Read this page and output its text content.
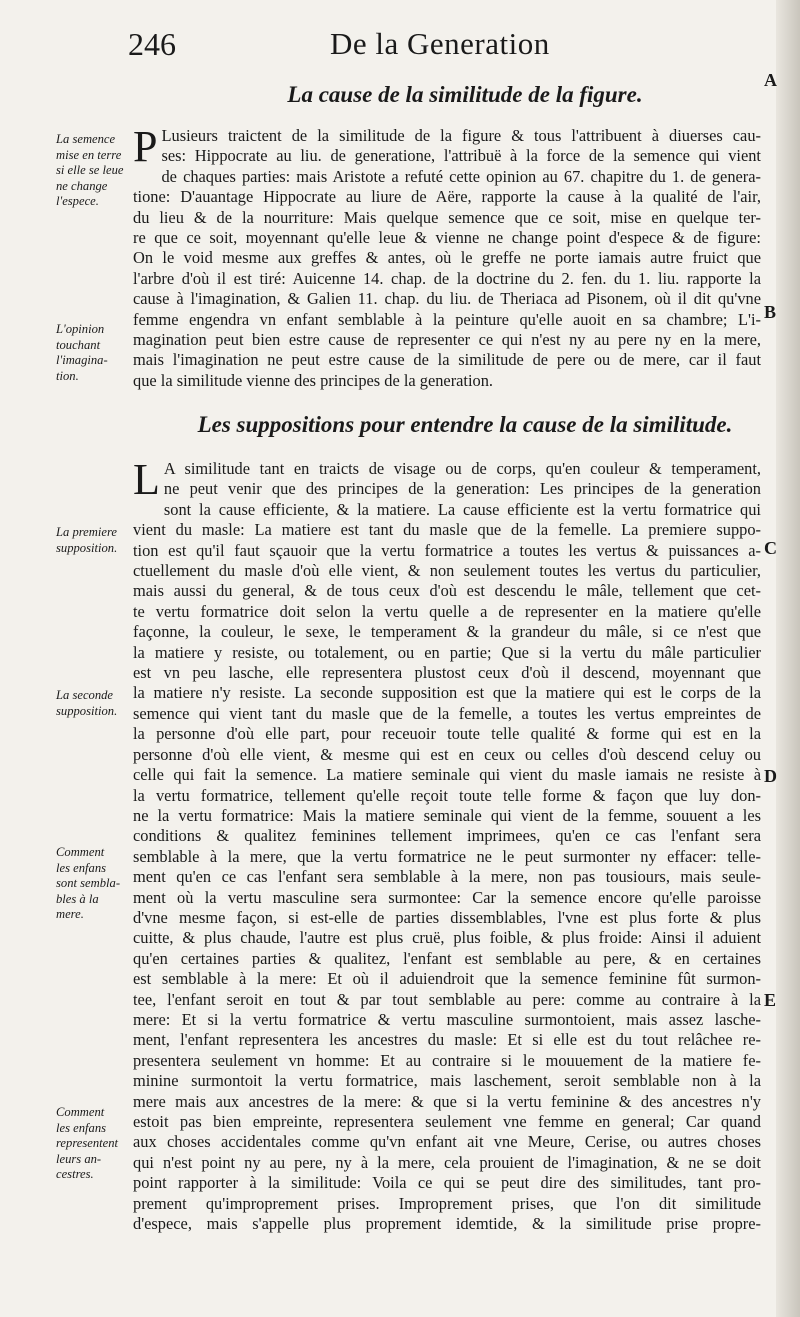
246	De la Generation
A
B
C
D
E
La cause de la similitude de la figure.
P Lusieurs traictent de la similitude de la figure & tous l'attribuent à diuerses cau-
ses: Hippocrate au liu. de generatione, l'attribuë à la force de la semence qui vient
de chaques parties: mais Aristote a refuté cette opinion au 67. chapitre du 1. de genera-
tione: D'auantage Hippocrate au liure de Aëre, rapporte la cause à la qualité de l'air,
du lieu & de la nourriture: Mais quelque semence que ce soit, mise en quelque ter-
re que ce soit, moyennant qu'elle leue & vienne ne change point d'espece & de figure:
On le void mesme aux greffes & antes, où le greffe ne porte iamais autre fruict que
l'arbre d'où il est tiré: Auicenne 14. chap. de la doctrine du 2. fen. du 1. liu. rapporte la
cause à l'imagination, & Galien 11. chap. du liu. de Theriaca ad Pisonem, où il dit qu'vne
femme engendra vn enfant semblable à la peinture qu'elle auoit en sa chambre; L'i-
magination peut bien estre cause de representer ce qui n'est ny au pere ny en la mere,
mais l'imagination ne peut estre cause de la similitude de pere ou de mere, car il faut
que la similitude vienne des principes de la generation.
Les suppositions pour entendre la cause de la similitude.
L A similitude tant en traicts de visage ou de corps, qu'en couleur & temperament,
ne peut venir que des principes de la generation: Les principes de la generation
sont la cause efficiente, & la matiere. La cause efficiente est la vertu formatrice qui
vient du masle: La matiere est tant du masle que de la femelle. La premiere suppo-
tion est qu'il faut sçauoir que la vertu formatrice a toutes les vertus & puissances a-
ctuellement du masle d'où elle vient, & non seulement toutes les vertus du particulier,
mais aussi du general, & de tous ceux d'où est descendu le mâle, tellement que cet-
te vertu formatrice doit selon la vertu quelle a de representer en la matiere qu'elle
façonne, la couleur, le sexe, le temperament & la grandeur du mâle, si ce n'est que
la matiere y resiste, ou totalement, ou en partie; Que si la vertu du mâle particulier
est vn peu lasche, elle representera plustost ceux d'où il descend, moyennant que
la matiere n'y resiste. La seconde supposition est que la matiere qui est le corps de la
semence qui vient tant du masle que de la femelle, a toutes les vertus empreintes de
la personne d'où elle part, pour receuoir toute telle qualité & forme qui est en la
personne d'où elle vient, & mesme qui est en ceux ou celles d'où descend celuy ou
celle qui fait la semence. La matiere seminale qui vient du masle iamais ne resiste à
la vertu formatrice, tellement qu'elle reçoit toute telle forme & façon que luy don-
ne la vertu formatrice: Mais la matiere seminale qui vient de la femme, souuent a les
conditions & qualitez feminines tellement imprimees, qu'en ce cas l'enfant sera
semblable à la mere, que la vertu formatrice ne le peut surmonter ny effacer: telle-
ment qu'en ce cas l'enfant sera semblable à la mere, non pas tousiours, mais seule-
ment où la vertu masculine sera surmontee: Car la semence encore qu'elle paroisse
d'vne mesme façon, si est-elle de parties dissemblables, l'vne est plus forte & plus
cuitte, & plus chaude, l'autre est plus cruë, plus foible, & plus froide: Ainsi il aduient
qu'en certaines parties & qualitez, l'enfant est semblable au pere, & en certaines
est semblable à la mere: Et où il aduiendroit que la semence feminine fût surmon-
tee, l'enfant seroit en tout & par tout semblable au pere: comme au contraire à la
mere: Et si la vertu formatrice & vertu masculine surmontoient, mais assez lasche-
ment, l'enfant representera les ancestres du masle: Et si elle est du tout relâchee re-
presentera seulement vn homme: Et au contraire si le mouuement de la matiere fe-
minine surmontoit la vertu formatrice, mais laschement, seroit semblable non à la
mere mais aux ancestres de la mere: & que si la vertu feminine & des ancestres n'y
estoit pas bien empreinte, representera seulement vne femme en general; Car quand
aux choses accidentales comme qu'vn enfant ait vne Meure, Cerise, ou autres choses
qui n'est point ny au pere, ny à la mere, cela prouient de l'imagination, & ne se doit
point rapporter à la similitude: Voila ce qui se peut dire des similitudes, tant pro-
prement qu'improprement prises. Improprement prises, que l'on dit similitude
d'espece, mais s'appelle plus proprement idemtide, & la similitude prise propre-
La semence
mise en terre
si elle se leue
ne change
l'espece.
L'opinion
touchant
l'imagina-
tion.
La premiere
supposition.
La seconde
supposition.
Comment
les enfans
sont sembla-
bles à la
mere.
Comment
les enfans
representent
leurs an-
cestres.
